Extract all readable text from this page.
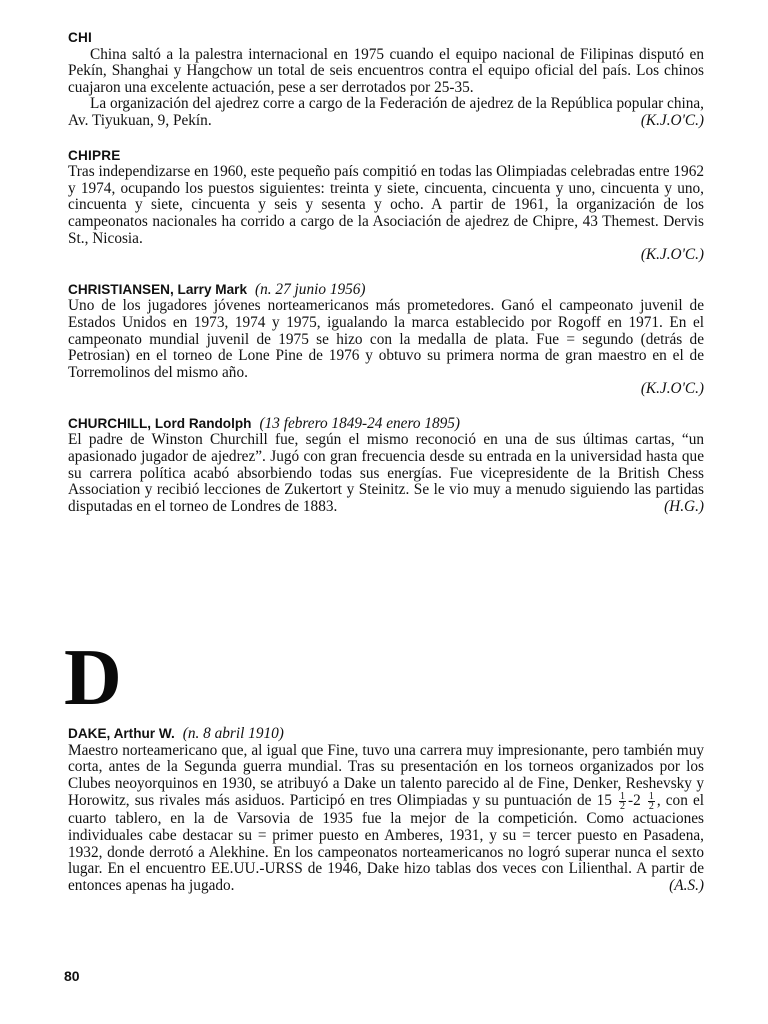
CHI

China saltó a la palestra internacional en 1975 cuando el equipo nacional de Filipinas disputó en Pekín, Shanghai y Hangchow un total de seis encuentros contra el equipo oficial del país. Los chinos cuajaron una excelente actuación, pese a ser derrotados por 25-35.

La organización del ajedrez corre a cargo de la Federación de ajedrez de la República popular china, Av. Tiyukuan, 9, Pekín.	(K.J.O'C.)

CHIPRE

Tras independizarse en 1960, este pequeño país compitió en todas las Olimpiadas celebradas entre 1962 y 1974, ocupando los puestos siguientes: treinta y siete, cincuenta, cincuenta y uno, cincuenta y uno, cincuenta y siete, cincuenta y seis y sesenta y ocho. A partir de 1961, la organización de los campeonatos nacionales ha corrido a cargo de la Asociación de ajedrez de Chipre, 43 Themest. Dervis St., Nicosia.

(K.J.O'C.)
CHRISTIANSEN, Larry Mark (n. 27 junio 1956)

Uno de los jugadores jóvenes norteamericanos más prometedores. Ganó el campeonato juvenil de Estados Unidos en 1973, 1974 y 1975, igualando la marca establecido por Rogoff en 1971. En el campeonato mundial juvenil de 1975 se hizo con la medalla de plata. Fue = segundo (detrás de Petrosian) en el torneo de Lone Pine de 1976 y obtuvo su primera norma de gran maestro en el de Torremolinos del mismo año.

(K.J.O'C.)
CHURCHILL, Lord Randolph (13 febrero 1849-24 enero 1895)

El padre de Winston Churchill fue, según el mismo reconoció en una de sus últimas cartas, “un apasionado jugador de ajedrez”. Jugó con gran frecuencia desde su entrada en la universidad hasta que su carrera política acabó absorbiendo todas sus energías. Fue vicepresidente de la British Chess Association y recibió lecciones de Zukertort y Steinitz. Se le vio muy a menudo siguiendo las partidas disputadas en el torneo de Londres de 1883.	(H.G.)

D
DAKE, Arthur W. (n. 8 abril 1910)

Maestro norteamericano que, al igual que Fine, tuvo una carrera muy impresionante, pero también muy corta, antes de la Segunda guerra mundial. Tras su presentación en los torneos organizados por los Clubes neoyorquinos en 1930, se atribuyó a Dake un talento parecido al de Fine, Denker, Reshevsky y Horowitz, sus rivales más asiduos. Participó en tres Olimpiadas y su puntuación de $15 \frac{1}{2} -2 \frac{1}{2}$ , con el cuarto tablero, en la de Varsovia de 1935 fue la mejor de la competición. Como actuaciones individuales cabe destacar su = primer puesto en Amberes, 1931, y su = tercer puesto en Pasadena, 1932, donde derrotó a Alekhine. En los campeonatos norteamericanos no logró superar nunca el sexto lugar. En el encuentro EE.UU.-URSS de 1946, Dake hizo tablas dos veces con Lilienthal. A partir de entonces apenas ha jugado.	(A.S.)

80
